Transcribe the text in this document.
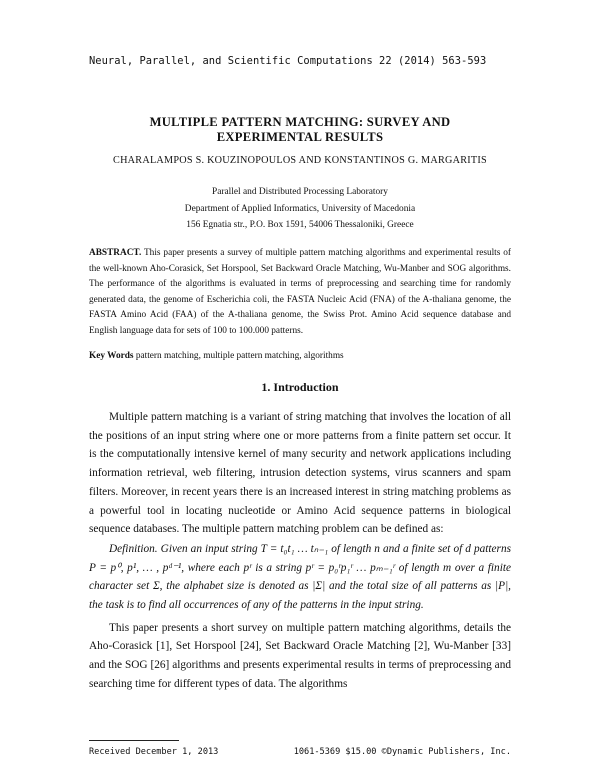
Neural, Parallel, and Scientific Computations 22 (2014) 563-593
MULTIPLE PATTERN MATCHING: SURVEY AND
EXPERIMENTAL RESULTS
CHARALAMPOS S. KOUZINOPOULOS AND KONSTANTINOS G. MARGARITIS
Parallel and Distributed Processing Laboratory
Department of Applied Informatics, University of Macedonia
156 Egnatia str., P.O. Box 1591, 54006 Thessaloniki, Greece
ABSTRACT. This paper presents a survey of multiple pattern matching algorithms and experimental results of the well-known Aho-Corasick, Set Horspool, Set Backward Oracle Matching, Wu-Manber and SOG algorithms. The performance of the algorithms is evaluated in terms of preprocessing and searching time for randomly generated data, the genome of Escherichia coli, the FASTA Nucleic Acid (FNA) of the A-thaliana genome, the FASTA Amino Acid (FAA) of the A-thaliana genome, the Swiss Prot. Amino Acid sequence database and English language data for sets of 100 to 100.000 patterns.
Key Words pattern matching, multiple pattern matching, algorithms
1. Introduction

Multiple pattern matching is a variant of string matching that involves the location of all the positions of an input string where one or more patterns from a finite pattern set occur. It is the computationally intensive kernel of many security and network applications including information retrieval, web filtering, intrusion detection systems, virus scanners and spam filters. Moreover, in recent years there is an increased interest in string matching problems as a powerful tool in locating nucleotide or Amino Acid sequence patterns in biological sequence databases. The multiple pattern matching problem can be defined as:

Definition. Given an input string T = t₀t₁ … tₙ₋₁ of length n and a finite set of d patterns P = p⁰, p¹, … , pᵈ⁻¹, where each pʳ is a string pʳ = p₀ʳp₁ʳ … pₘ₋₁ʳ of length m over a finite character set Σ, the alphabet size is denoted as |Σ| and the total size of all patterns as |P|, the task is to find all occurrences of any of the patterns in the input string.

This paper presents a short survey on multiple pattern matching algorithms, details the Aho-Corasick [1], Set Horspool [24], Set Backward Oracle Matching [2], Wu-Manber [33] and the SOG [26] algorithms and presents experimental results in terms of preprocessing and searching time for different types of data. The algorithms

Received December 1, 2013	1061-5369 $15.00 ©Dynamic Publishers, Inc.
